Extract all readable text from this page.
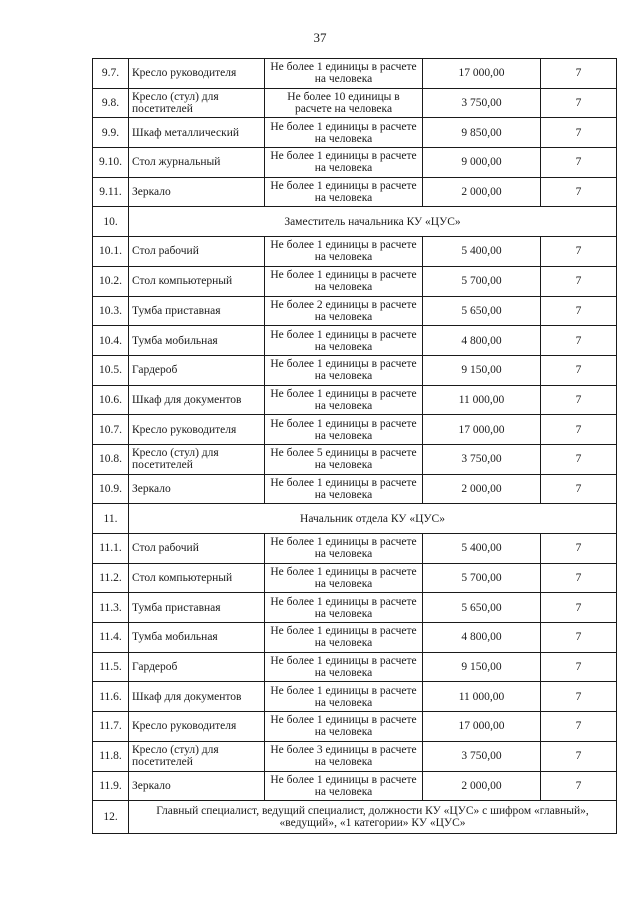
37
9.7.	Кресло руководителя	Не более 1 единицы в расчете на человека	17 000,00	7
9.8.	Кресло (стул) для посетителей	Не более 10 единицы в расчете на человека	3 750,00	7
9.9.	Шкаф металлический	Не более 1 единицы в расчете на человека	9 850,00	7
9.10.	Стол журнальный	Не более 1 единицы в расчете на человека	9 000,00	7
9.11.	Зеркало	Не более 1 единицы в расчете на человека	2 000,00	7
10.	Заместитель начальника КУ «ЦУС»			
10.1.	Стол рабочий	Не более 1 единицы в расчете на человека	5 400,00	7
10.2.	Стол компьютерный	Не более 1 единицы в расчете на человека	5 700,00	7
10.3.	Тумба приставная	Не более 2 единицы в расчете на человека	5 650,00	7
10.4.	Тумба мобильная	Не более 1 единицы в расчете на человека	4 800,00	7
10.5.	Гардероб	Не более 1 единицы в расчете на человека	9 150,00	7
10.6.	Шкаф для документов	Не более 1 единицы в расчете на человека	11 000,00	7
10.7.	Кресло руководителя	Не более 1 единицы в расчете на человека	17 000,00	7
10.8.	Кресло (стул) для посетителей	Не более 5 единицы в расчете на человека	3 750,00	7
10.9.	Зеркало	Не более 1 единицы в расчете на человека	2 000,00	7
11.	Начальник отдела КУ «ЦУС»			
11.1.	Стол рабочий	Не более 1 единицы в расчете на человека	5 400,00	7
11.2.	Стол компьютерный	Не более 1 единицы в расчете на человека	5 700,00	7
11.3.	Тумба приставная	Не более 1 единицы в расчете на человека	5 650,00	7
11.4.	Тумба мобильная	Не более 1 единицы в расчете на человека	4 800,00	7
11.5.	Гардероб	Не более 1 единицы в расчете на человека	9 150,00	7
11.6.	Шкаф для документов	Не более 1 единицы в расчете на человека	11 000,00	7
11.7.	Кресло руководителя	Не более 1 единицы в расчете на человека	17 000,00	7
11.8.	Кресло (стул) для посетителей	Не более 3 единицы в расчете на человека	3 750,00	7
11.9.	Зеркало	Не более 1 единицы в расчете на человека	2 000,00	7
12.	Главный специалист, ведущий специалист, должности КУ «ЦУС» с шифром «главный», «ведущий», «1 категории» КУ «ЦУС»			
